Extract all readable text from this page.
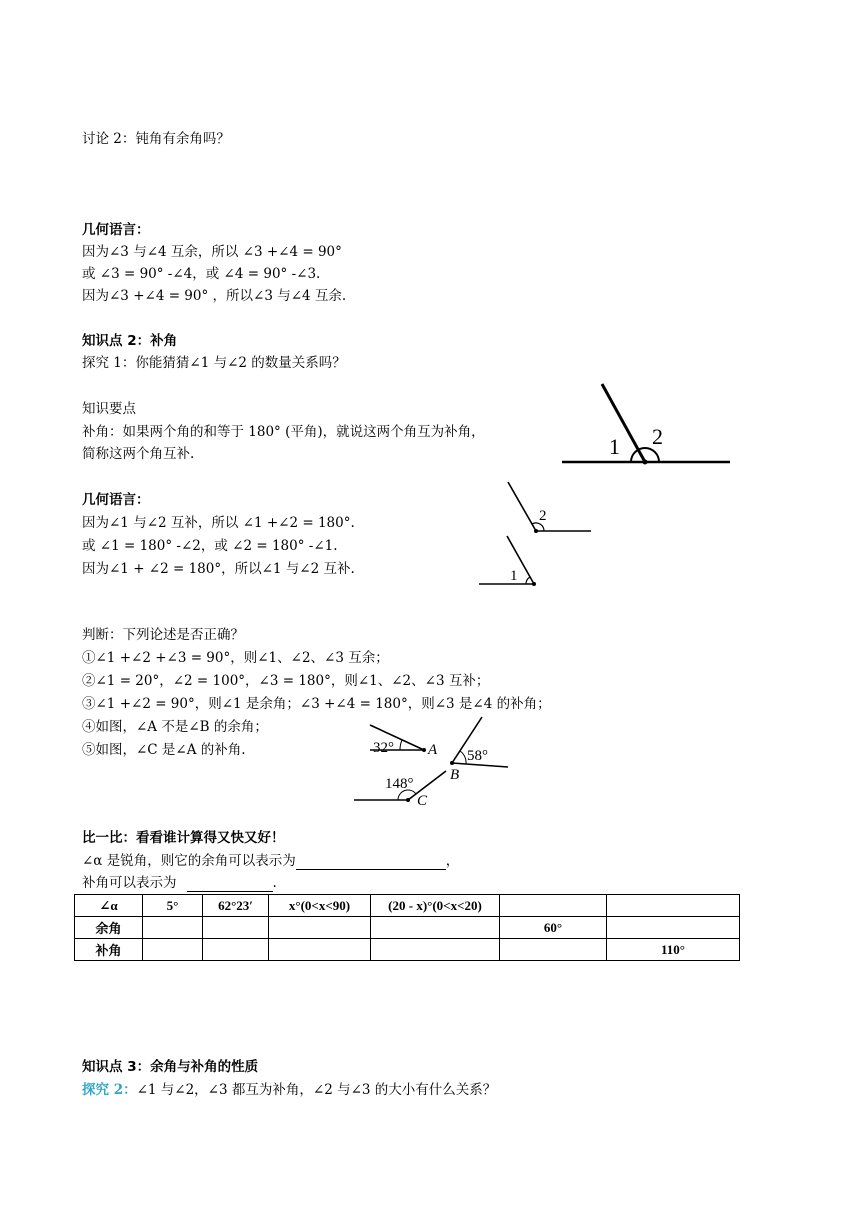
讨论 2：钝角有余角吗？
几何语言：
因为∠3 与∠4 互余，所以 ∠3 +∠4 = 90°
或 ∠3 = 90° -∠4，或 ∠4 = 90° -∠3.
因为∠3 +∠4 = 90° ，所以∠3 与∠4 互余.
知识点 2：补角
探究 1：你能猜猜∠1 与∠2 的数量关系吗？
知识要点
补角：如果两个角的和等于 180° (平角)，就说这两个角互为补角，
简称这两个角互补.	1 2
几何语言：
因为∠1 与∠2 互补，所以 ∠1 +∠2 = 180°.
或 ∠1 = 180° -∠2，或 ∠2 = 180° -∠1.
因为∠1 + ∠2 = 180°，所以∠1 与∠2 互补.
2
1
判断：下列论述是否正确？
①∠1 +∠2 +∠3 = 90°，则∠1、∠2、∠3 互余；
②∠1 = 20°，∠2 = 100°，∠3 = 180°，则∠1、∠2、∠3 互补；
③∠1 +∠2 = 90°，则∠1 是余角；∠3 +∠4 = 180°，则∠3 是∠4 的补角；
④如图，∠A 不是∠B 的余角；
⑤如图，∠C 是∠A 的补角.	32° A 58°
B
148°
C
比一比：看看谁计算得又快又好！
∠α 是锐角，则它的余角可以表示为	，
补角可以表示为	.
∠α	5°	62°23′	x°(0<x<90)	(20 - x)°(0<x<20)		
余角					60°	
补角						110°
知识点 3：余角与补角的性质
探究 2：∠1 与∠2，∠3 都互为补角，∠2 与∠3 的大小有什么关系？
